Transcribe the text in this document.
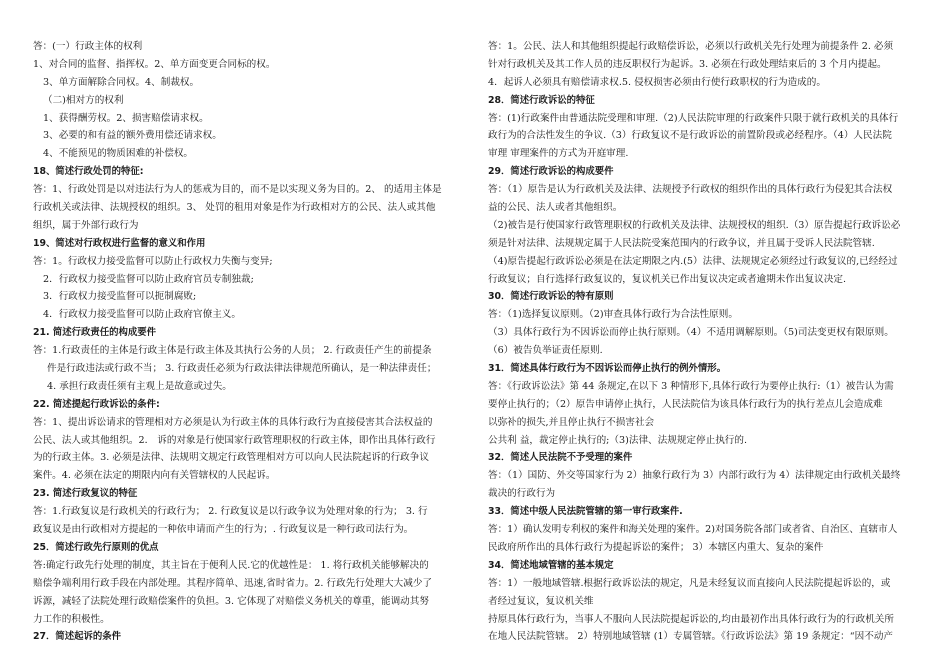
答：(一）行政主体的权利
1、对合同的监督、指挥权。2、单方面变更合同标的权。
3、单方面解除合同权。4、制裁权。
（二)相对方的权利
1、获得酬劳权。2、损害赔偿请求权。
3、必要的和有益的额外费用偿还请求权。
4、不能预见的物质困难的补偿权。
18、简述行政处罚的特征:
答：1、行政处罚是以对违法行为人的惩戒为目的，而不是以实现义务为目的。2、 的适用主体是
行政机关或法律、法规授权的组织。3、 处罚的租用对象是作为行政相对方的公民、法人或其他
组织，属于外部行政行为
19、简述对行政权进行监督的意义和作用
答：1。行政权力接受监督可以防止行政权力失衡与变异;
2．行政权力接受监督可以防止政府官员专制独裁;
3．行政权力接受监督可以扼制腐败;
4．行政权力接受监督可以防止政府官僚主义。
21. 简述行政责任的构成要件
答：1.行政责任的主体是行政主体是行政主体及其执行公务的人员； 2. 行政责任产生的前提条
件是行政违法或行政不当； 3. 行政责任必须为行政法律法律规范所确认，是一种法律责任；
4. 承担行政责任须有主观上是故意或过失。
22. 简述提起行政诉讼的条件:
答：1、提出诉讼请求的管理相对方必须是认为行政主体的具体行政行为直接侵害其合法权益的
公民、法人或其他组织。2． 诉的对象是行使国家行政管理职权的行政主体，即作出具体行政行
为的行政主体。3. 必须是法律、法规明文规定行政管理相对方可以向人民法院起诉的行政争议
案件。4. 必须在法定的期限内向有关管辖权的人民起诉。
23. 简述行政复议的特征
答：1.行政复议是行政机关的行政行为； 2. 行政复议是以行政争议为处理对象的行为； 3. 行
政复议是由行政相对方提起的一种依申请而产生的行为；. 行政复议是一种行政司法行为。
25．简述行政先行原则的优点
答:确定行政先行处理的制度，其主旨在于便利人民.它的优越性是： 1. 将行政机关能够解决的
赔偿争端利用行政手段在内部处理。其程序简单、迅速,省时省力。2. 行政先行处理大大减少了
诉源，减轻了法院处理行政赔偿案件的负担。3. 它体现了对赔偿义务机关的尊重，能调动其努
力工作的积极性。
27．简述起诉的条件
答：1。公民、法人和其他组织提起行政赔偿诉讼，必须以行政机关先行处理为前提条件 2. 必须
针对行政机关及其工作人员的违反职权行为起诉。3. 必须在行政处理结束后的 3 个月内提起。
4．起诉人必须具有赔偿请求权.5. 侵权损害必须由行使行政职权的行为造成的。
28．简述行政诉讼的特征
答：(1)行政案件由普通法院受理和审理.（2)人民法院审理的行政案件只限于就行政机关的具体行
政行为的合法性发生的争议.（3）行政复议不是行政诉讼的前置阶段或必经程序。（4）人民法院
审理 审理案件的方式为开庭审理.
29．简述行政诉讼的构成要件
答：（1）原告是认为行政机关及法律、法规授予行政权的组织作出的具体行政行为侵犯其合法权
益的公民、法人或者其他组织。
（2)被告是行使国家行政管理职权的行政机关及法律、法规授权的组织.（3）原告提起行政诉讼必
须是针对法律、法规规定属于人民法院受案范围内的行政争议，并且属于受诉人民法院管辖.
（4)原告提起行政诉讼必须是在法定期限之内.(5）法律、法规规定必须经过行政复议的,已经经过
行政复议；自行选择行政复议的，复议机关已作出复议决定或者逾期未作出复议决定.
30．简述行政诉讼的特有原则
答：（1)选择复议原则。（2)审查具体行政行为合法性原则。
（3）具体行政行为不因诉讼而停止执行原则。（4）不适用调解原则。（5)司法变更权有限原则。
（6）被告负举证责任原则.
31．简述具体行政行为不因诉讼而停止执行的例外情形。
答：《行政诉讼法》第 44 条规定,在以下 3 种情形下,具体行政行为要停止执行:（1）被告认为需
要停止执行的；（2）原告申请停止执行，人民法院信为该具体行政行为的执行差点儿会造成难
以弥补的损失,并且停止执行不损害社会
公共利 益，裁定停止执行的;（3)法律、法规规定停止执行的.
32．简述人民法院不予受理的案件
答：（1）国防、外交等国家行为 2）抽象行政行为 3）内部行政行为 4）法律规定由行政机关最终
裁决的行政行为
33．简述中级人民法院管辖的第一审行政案件.
答：1）确认发明专利权的案件和海关处理的案件。2)对国务院各部门或者省、自治区、直辖市人
民政府所作出的具体行政行为提起诉讼的案件； 3）本辖区内重大、复杂的案件
34．简述地域管辖的基本规定
答：1）一般地域管辖.根据行政诉讼法的规定，凡是未经复议而直接向人民法院提起诉讼的，或
者经过复议，复议机关维
持原具体行政行为，当事人不服向人民法院提起诉讼的,均由最初作出具体行政行为的行政机关所
在地人民法院管辖。 2）特别地域管辖 (1）专属管辖。《行政诉讼法》第 19 条规定：“因不动产
